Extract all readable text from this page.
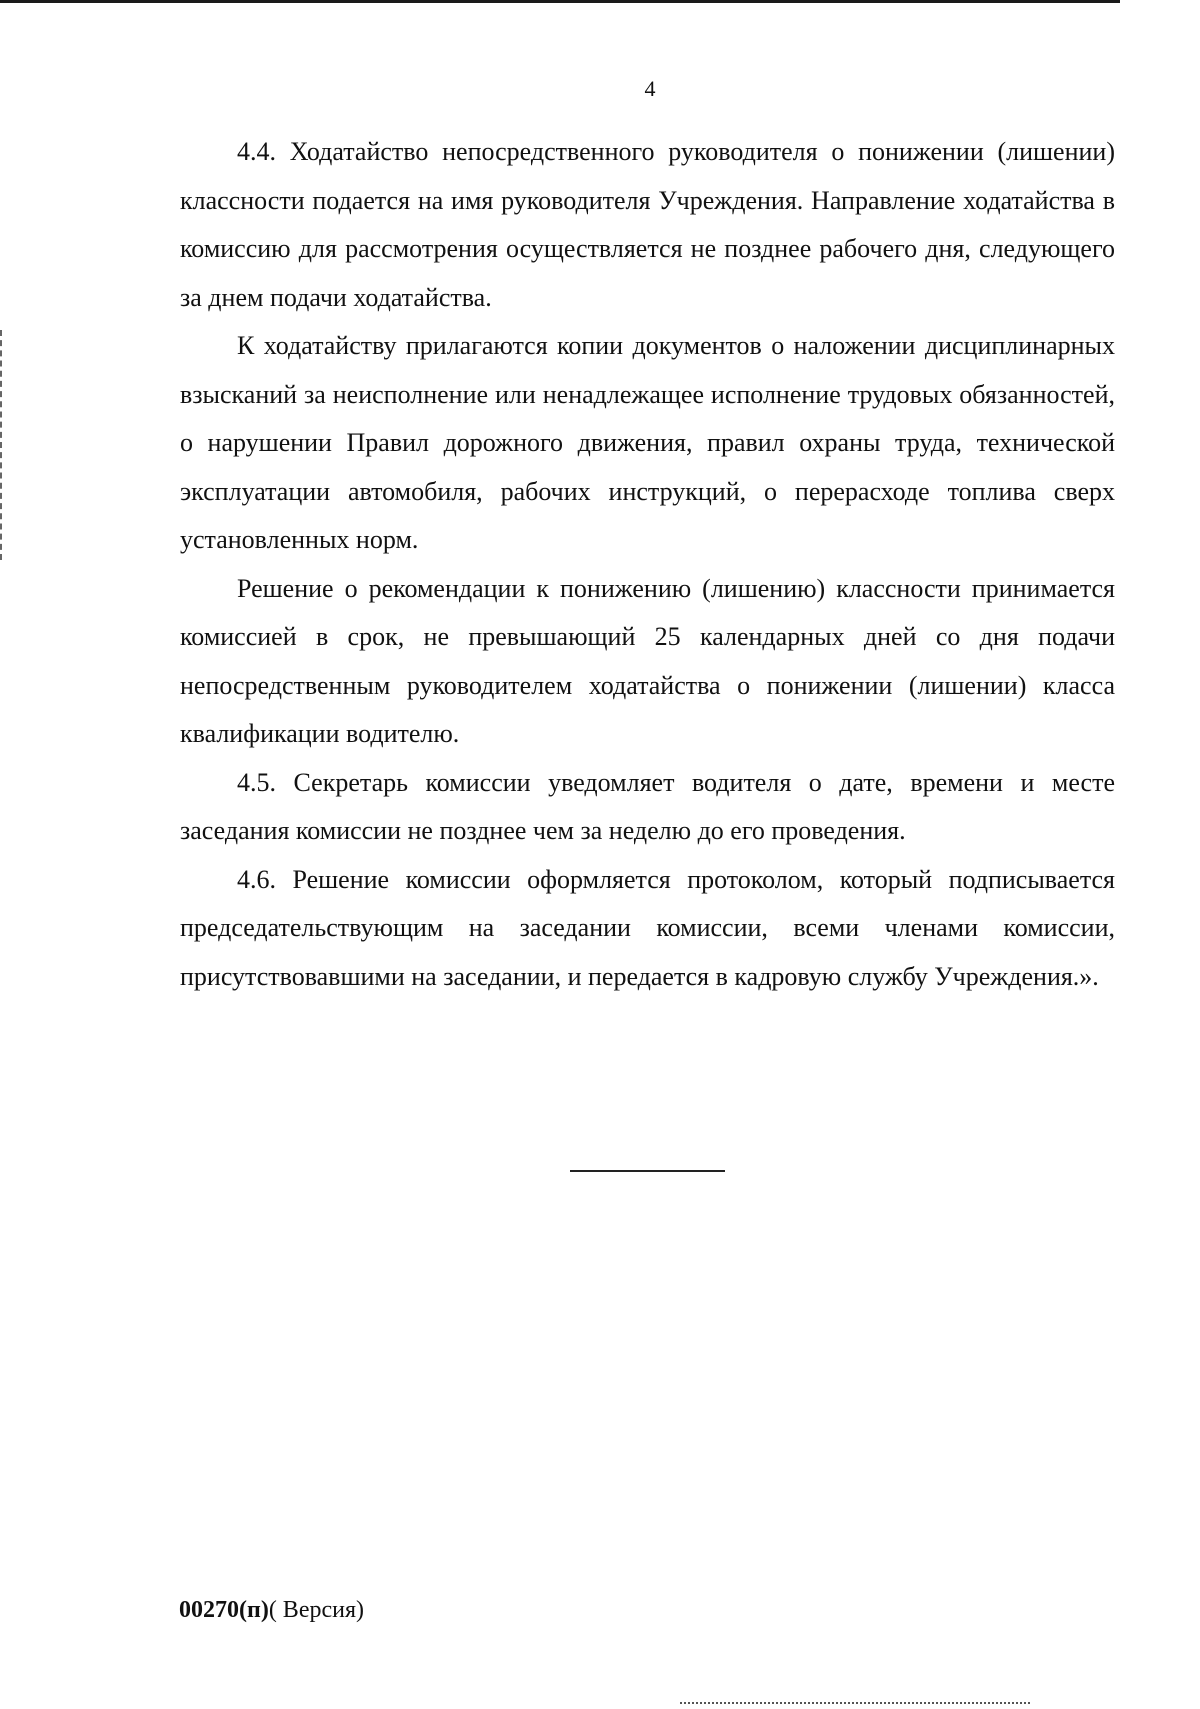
4

4.4. Ходатайство непосредственного руководителя о понижении (лишении) классности подается на имя руководителя Учреждения. Направление ходатайства в комиссию для рассмотрения осуществляется не позднее рабочего дня, следующего за днем подачи ходатайства.

К ходатайству прилагаются копии документов о наложении дисциплинарных взысканий за неисполнение или ненадлежащее исполнение трудовых обязанностей, о нарушении Правил дорожного движения, правил охраны труда, технической эксплуатации автомобиля, рабочих инструкций, о перерасходе топлива сверх установленных норм.

Решение о рекомендации к понижению (лишению) классности принимается комиссией в срок, не превышающий 25 календарных дней со дня подачи непосредственным руководителем ходатайства о понижении (лишении) класса квалификации водителю.

4.5. Секретарь комиссии уведомляет водителя о дате, времени и месте заседания комиссии не позднее чем за неделю до его проведения.

4.6. Решение комиссии оформляется протоколом, который подписывается председательствующим на заседании комиссии, всеми членами комиссии, присутствовавшими на заседании, и передается в кадровую службу Учреждения.».

00270(п)( Версия)
